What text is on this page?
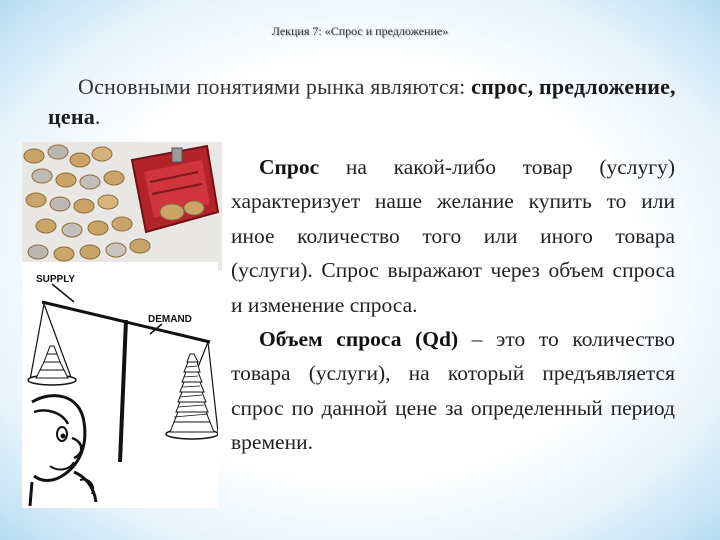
Лекция 7: «Спрос и предложение»
Основными понятиями рынка являются: спрос, предложение, цена.
SUPPLY
DEMAND

Спрос на какой-либо товар (услугу) характеризует наше желание купить то или иное количество того или иного товара (услуги). Спрос выражают через объем спроса и изменение спроса.

Объем спроса (Qd) – это то количество товара (услуги), на который предъявляется спрос по данной цене за определенный период времени.
